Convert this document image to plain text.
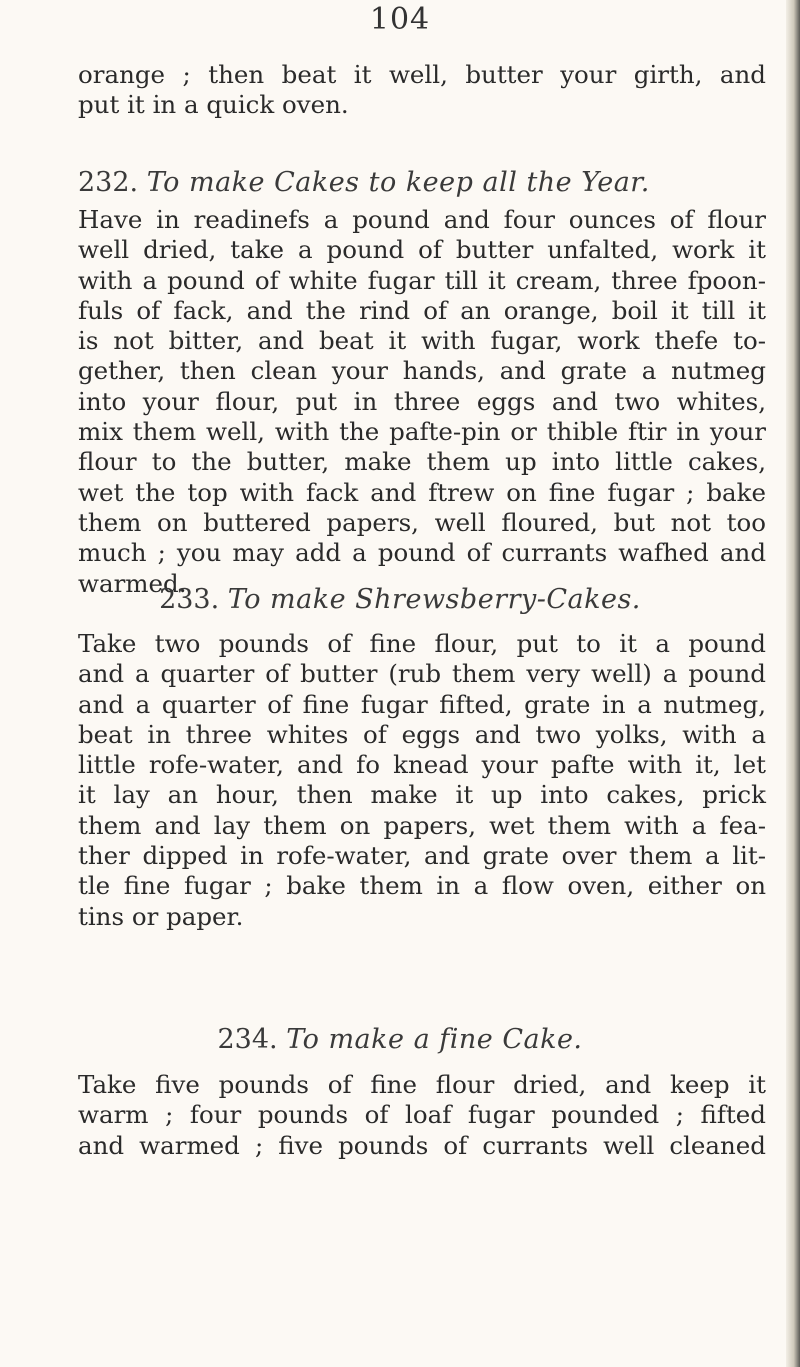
104
orange ; then beat it well, butter your girth, and
put it in a quick oven.
232. To make Cakes to keep all the Year.
Have in readinefs a pound and four ounces of flour
well dried, take a pound of butter unfalted, work it
with a pound of white fugar till it cream, three fpoon-
fuls of fack, and the rind of an orange, boil it till it
is not bitter, and beat it with fugar, work thefe to-
gether, then clean your hands, and grate a nutmeg
into your flour, put in three eggs and two whites,
mix them well, with the pafte-pin or thible ftir in your
flour to the butter, make them up into little cakes,
wet the top with fack and ftrew on fine fugar ; bake
them on buttered papers, well floured, but not too
much ; you may add a pound of currants wafhed and
warmed.
233. To make Shrewsberry-Cakes.
Take two pounds of fine flour, put to it a pound
and a quarter of butter (rub them very well) a pound
and a quarter of fine fugar fifted, grate in a nutmeg,
beat in three whites of eggs and two yolks, with a
little rofe-water, and fo knead your pafte with it, let
it lay an hour, then make it up into cakes, prick
them and lay them on papers, wet them with a fea-
ther dipped in rofe-water, and grate over them a lit-
tle fine fugar ; bake them in a flow oven, either on
tins or paper.
234. To make a fine Cake.
Take five pounds of fine flour dried, and keep it
warm ; four pounds of loaf fugar pounded ; fifted
and warmed ; five pounds of currants well cleaned
